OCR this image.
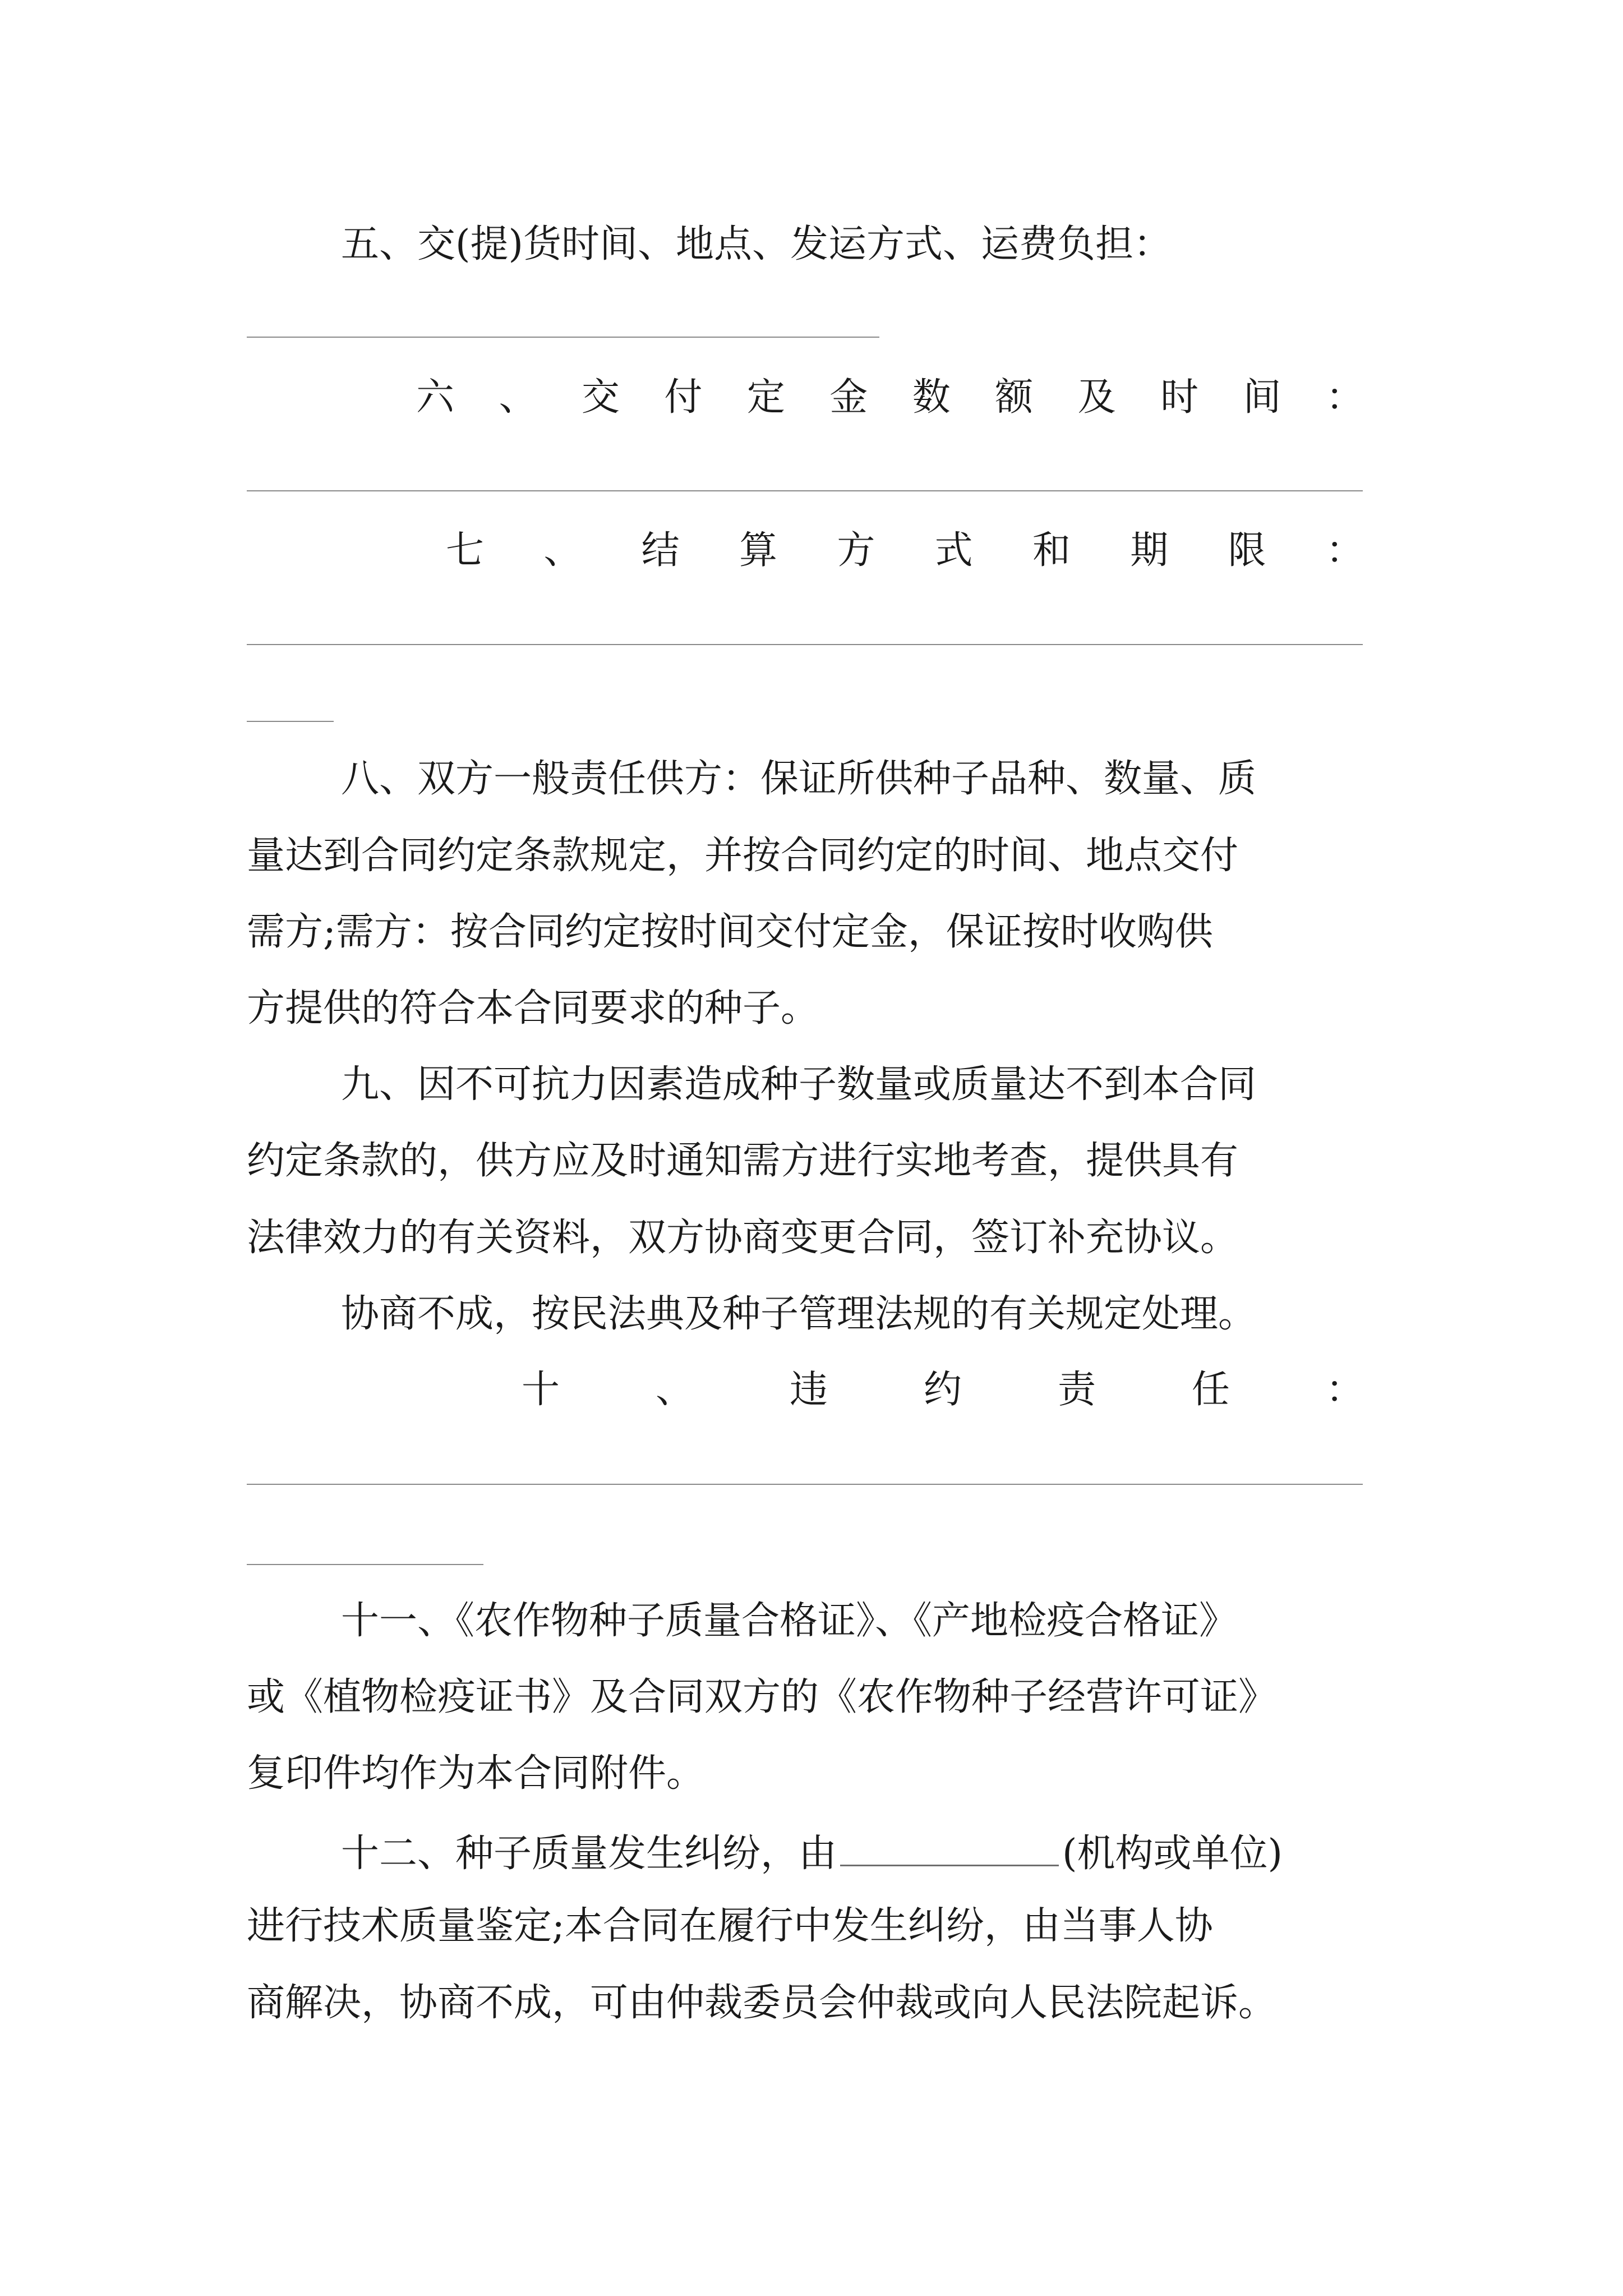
五、交(提)货时间、地点、发运方式、运费负担：
六 、 交 付 定 金 数 额 及 时 间 ：
七 、 结 算 方 式 和 期 限 ：
八、双方一般责任供方：保证所供种子品种、数量、质
量达到合同约定条款规定，并按合同约定的时间、地点交付
需方;需方：按合同约定按时间交付定金，保证按时收购供
方提供的符合本合同要求的种子。
九、因不可抗力因素造成种子数量或质量达不到本合同
约定条款的，供方应及时通知需方进行实地考查，提供具有
法律效力的有关资料，双方协商变更合同，签订补充协议。
协商不成，按民法典及种子管理法规的有关规定处理。
十	、	违	约	责	任	：
十一、《农作物种子质量合格证》、《产地检疫合格证》
或《植物检疫证书》及合同双方的《农作物种子经营许可证》
复印件均作为本合同附件。
十二、种子质量发生纠纷，由	(机构或单位)
进行技术质量鉴定;本合同在履行中发生纠纷，由当事人协
商解决，协商不成，可由仲裁委员会仲裁或向人民法院起诉。
